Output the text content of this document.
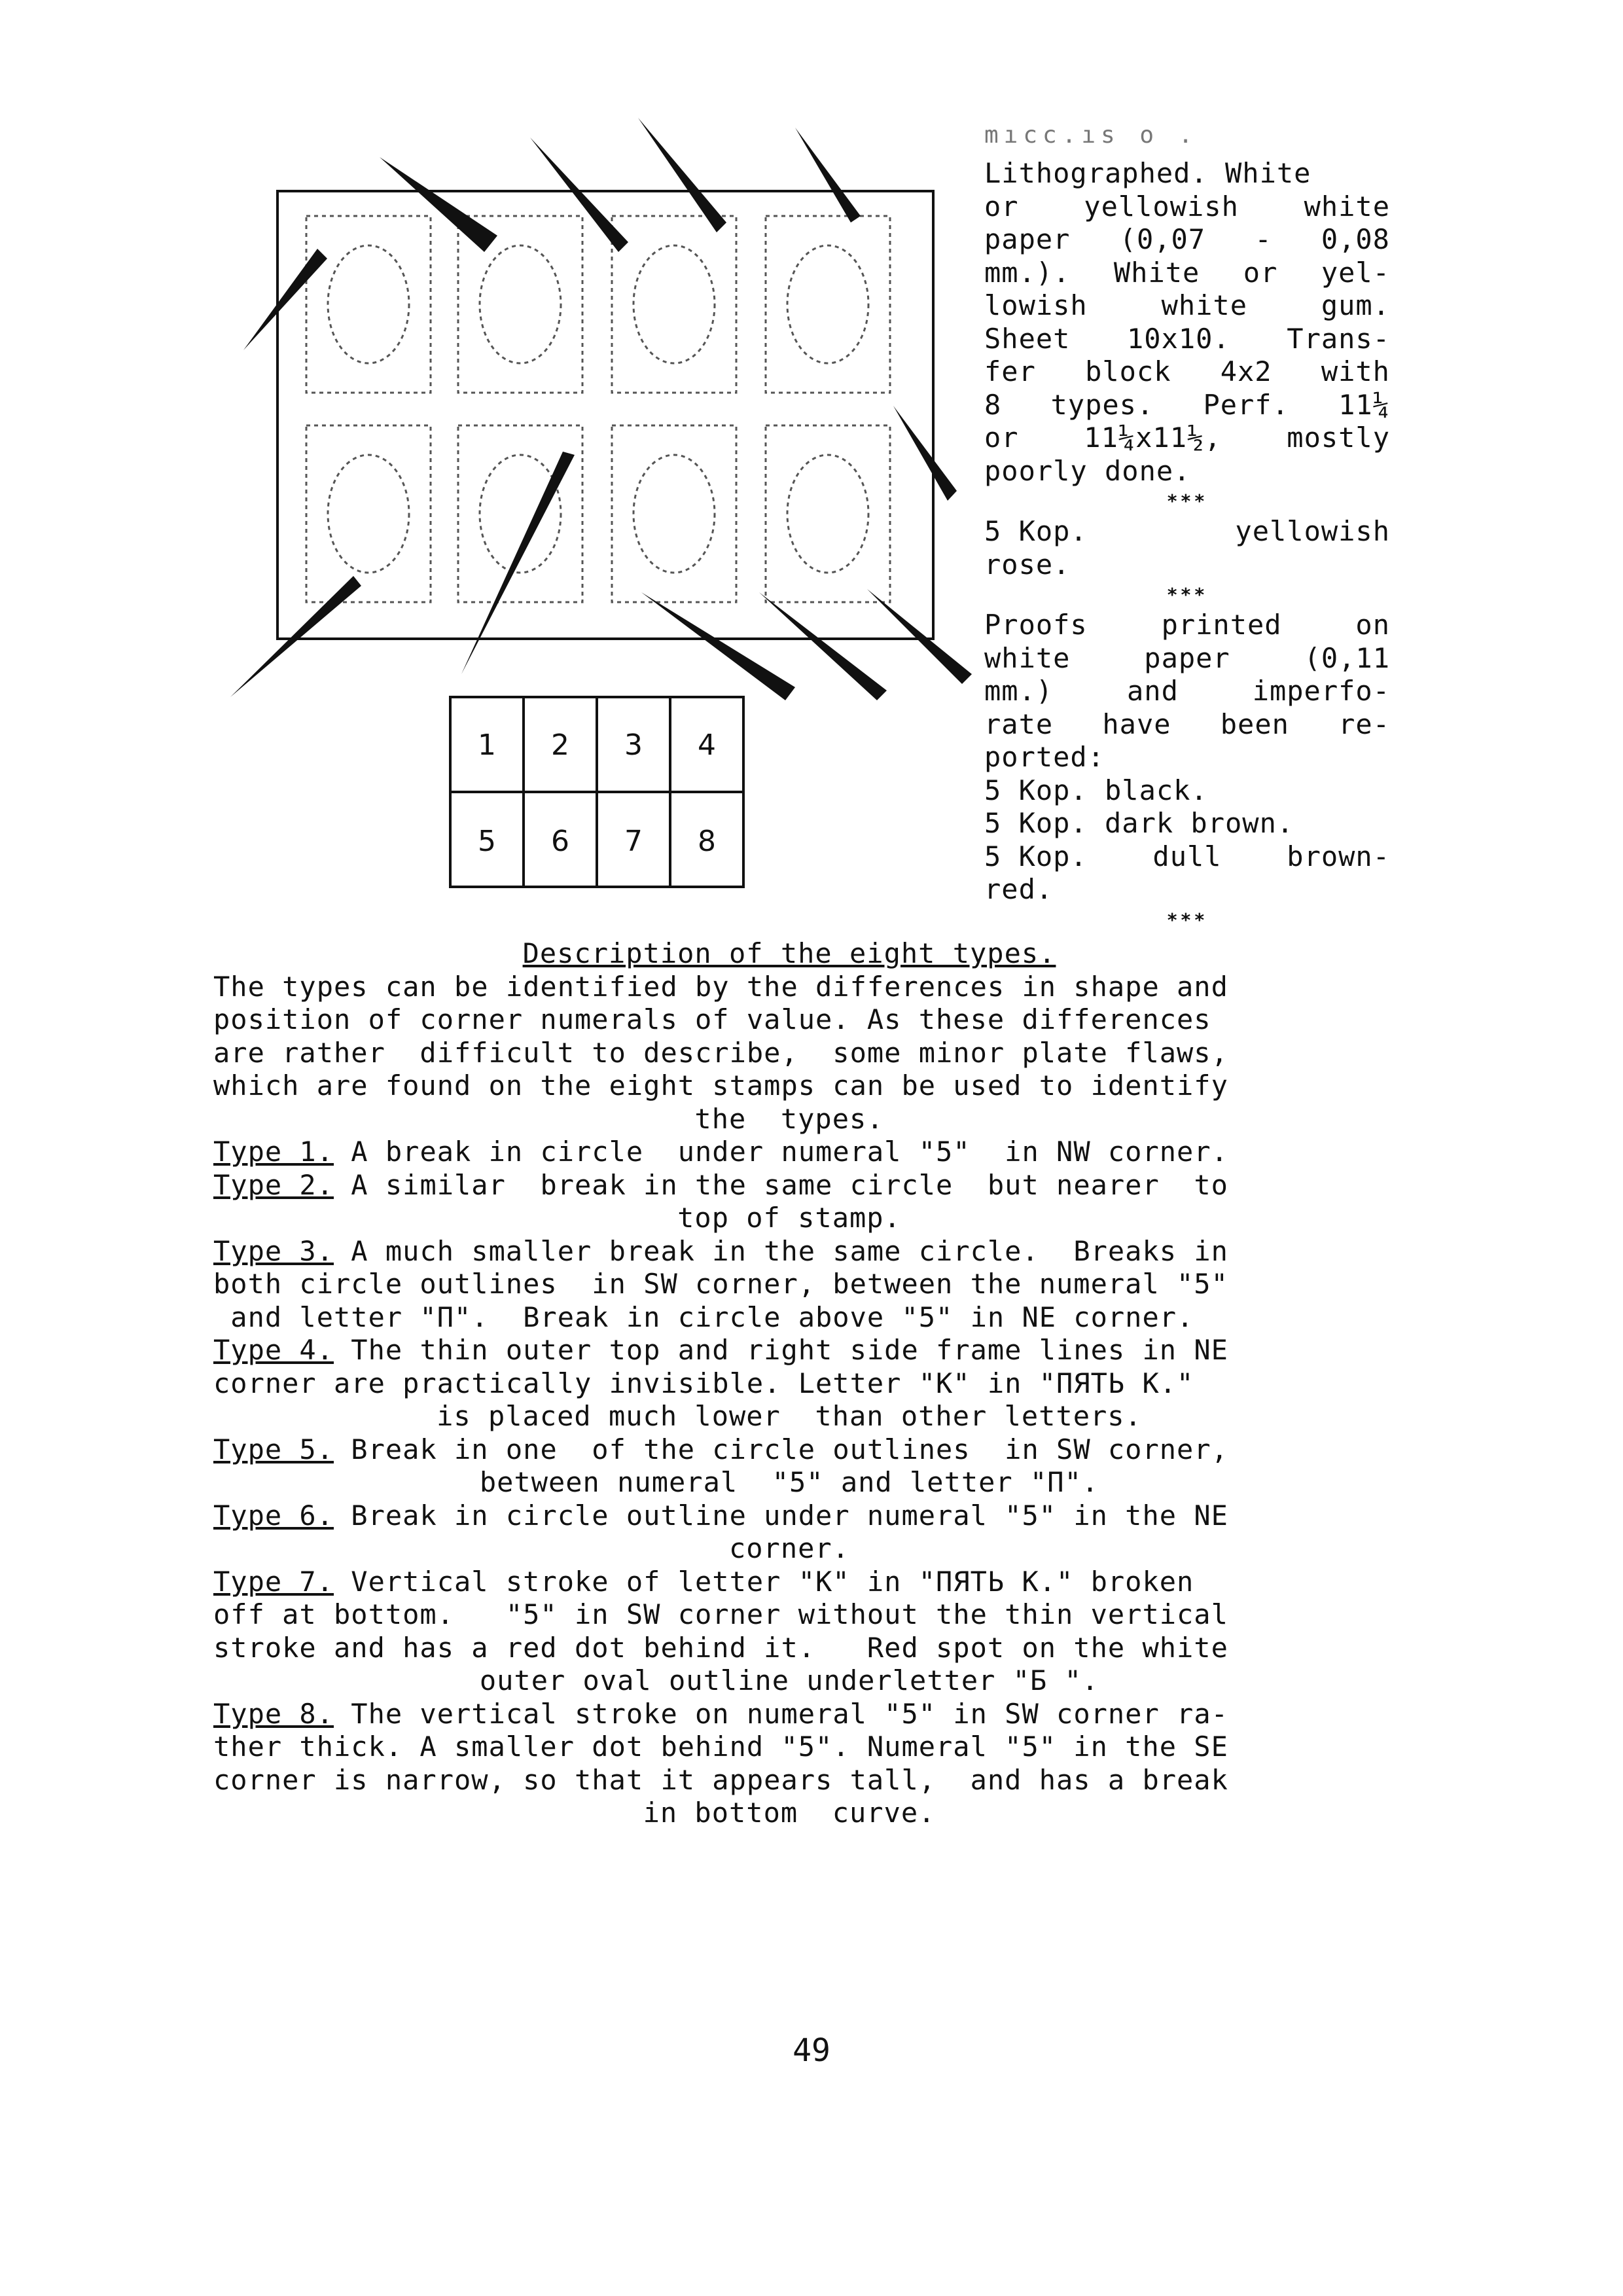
1 2 3 4
5 6 7 8
mıcc.ıs o .
Lithographed. White
or yellowish white
paper (0,07 - 0,08
mm.). White or yel-
lowish	white	gum.
Sheet 10x10. Trans-
fer block 4x2 with
8 types. Perf. 11¼
or 11¼x11½, mostly
poorly done.
***
5 Kop.	yellowish
rose.
***
Proofs	printed	on
white	paper	(0,11
mm.)	and	imperfo-
rate have been re-
ported:
5 Kop. black.
5 Kop. dark brown.
5 Kop. dull brown-
red.
***
Description of the eight types.
The types can be identified by the differences in shape and
position of corner numerals of value. As these differences
are rather  difficult to describe,  some minor plate flaws,
which are found on the eight stamps can be used to identify
the  types.
Type 1. A break in circle  under numeral "5"  in NW corner.
Type 2. A similar  break in the same circle  but nearer  to
top of stamp.
Type 3. A much smaller break in the same circle.  Breaks in
both circle outlines  in SW corner, between the numeral "5"
and letter "П".  Break in circle above "5" in NE corner.
Type 4. The thin outer top and right side frame lines in NE
corner are practically invisible. Letter "K" in "ПЯТЬ K."
is placed much lower  than other letters.
Type 5. Break in one  of the circle outlines  in SW corner,
between numeral  "5" and letter "П".
Type 6. Break in circle outline under numeral "5" in the NE
corner.
Type 7. Vertical stroke of letter "K" in "ПЯТЬ K." broken
off at bottom.   "5" in SW corner without the thin vertical
stroke and has a red dot behind it.   Red spot on the white
outer oval outline underletter "Б ".
Type 8. The vertical stroke on numeral "5" in SW corner ra-
ther thick. A smaller dot behind "5". Numeral "5" in the SE
corner is narrow, so that it appears tall,  and has a break
in bottom  curve.
49
